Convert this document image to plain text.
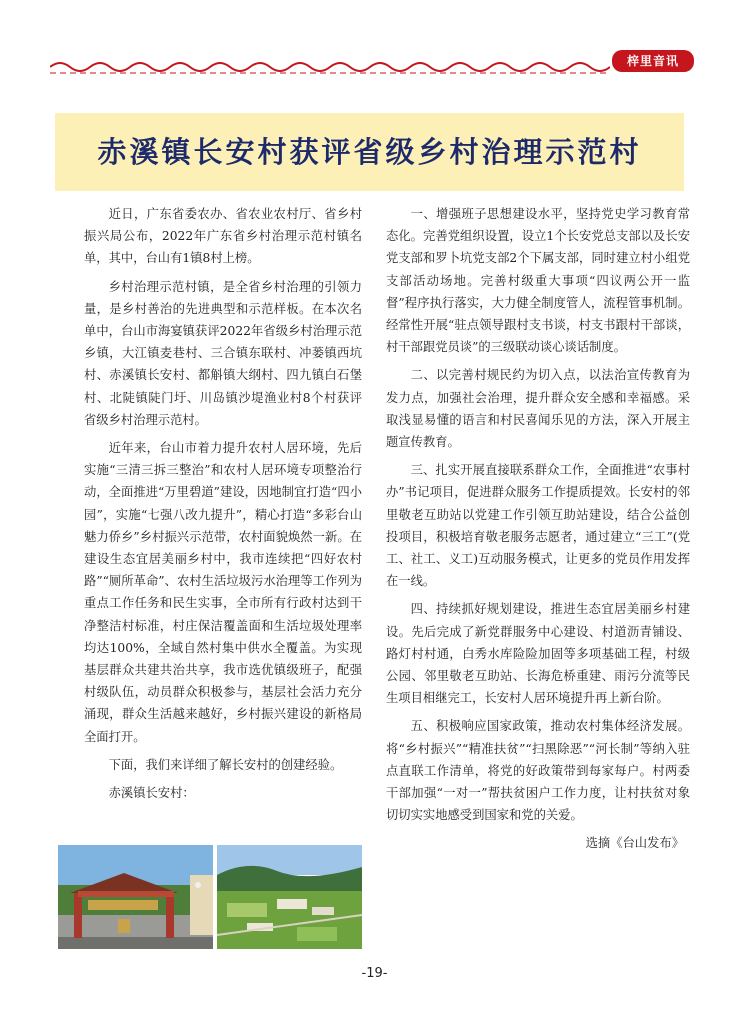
梓里音讯
赤溪镇长安村获评省级乡村治理示范村

近日，广东省委农办、省农业农村厅、省乡村振兴局公布，2022年广东省乡村治理示范村镇名单，其中，台山有1镇8村上榜。

乡村治理示范村镇，是全省乡村治理的引领力量，是乡村善治的先进典型和示范样板。在本次名单中，台山市海宴镇获评2022年省级乡村治理示范乡镇，大江镇麦巷村、三合镇东联村、冲蒌镇西坑村、赤溪镇长安村、都斛镇大纲村、四九镇白石堡村、北陡镇陡门圩、川岛镇沙堤渔业村8个村获评省级乡村治理示范村。

近年来，台山市着力提升农村人居环境，先后实施“三清三拆三整治”和农村人居环境专项整治行动，全面推进“万里碧道”建设，因地制宜打造“四小园”，实施“七强八改九提升”，精心打造“多彩台山 魅力侨乡”乡村振兴示范带，农村面貌焕然一新。在建设生态宜居美丽乡村中，我市连续把“四好农村路”“厕所革命”、农村生活垃圾污水治理等工作列为重点工作任务和民生实事，全市所有行政村达到干净整洁村标准，村庄保洁覆盖面和生活垃圾处理率均达100%，全域自然村集中供水全覆盖。为实现基层群众共建共治共享，我市选优镇级班子，配强村级队伍，动员群众积极参与，基层社会活力充分涌现，群众生活越来越好，乡村振兴建设的新格局全面打开。

下面，我们来详细了解长安村的创建经验。

赤溪镇长安村：

一、增强班子思想建设水平，坚持党史学习教育常态化。完善党组织设置，设立1个长安党总支部以及长安党支部和罗卜坑党支部2个下属支部，同时建立村小组党支部活动场地。完善村级重大事项“四议两公开一监督”程序执行落实，大力健全制度管人，流程管事机制。经常性开展“驻点领导跟村支书谈，村支书跟村干部谈，村干部跟党员谈”的三级联动谈心谈话制度。

二、以完善村规民约为切入点，以法治宣传教育为发力点，加强社会治理，提升群众安全感和幸福感。采取浅显易懂的语言和村民喜闻乐见的方法，深入开展主题宣传教育。

三、扎实开展直接联系群众工作，全面推进“农事村办”书记项目，促进群众服务工作提质提效。长安村的邻里敬老互助站以党建工作引领互助站建设，结合公益创投项目，积极培育敬老服务志愿者，通过建立“三工”(党工、社工、义工)互动服务模式，让更多的党员作用发挥在一线。

四、持续抓好规划建设，推进生态宜居美丽乡村建设。先后完成了新党群服务中心建设、村道沥青铺设、路灯村村通，白秀水库险险加固等多项基础工程，村级公园、邻里敬老互助站、长海危桥重建、雨污分流等民生项目相继完工，长安村人居环境提升再上新台阶。

五、积极响应国家政策，推动农村集体经济发展。将“乡村振兴”“精准扶贫”“扫黑除恶”“河长制”等纳入驻点直联工作清单，将党的好政策带到每家每户。村两委干部加强“一对一”帮扶贫困户工作力度，让村扶贫对象切切实实地感受到国家和党的关爱。

选摘《台山发布》

-19-
